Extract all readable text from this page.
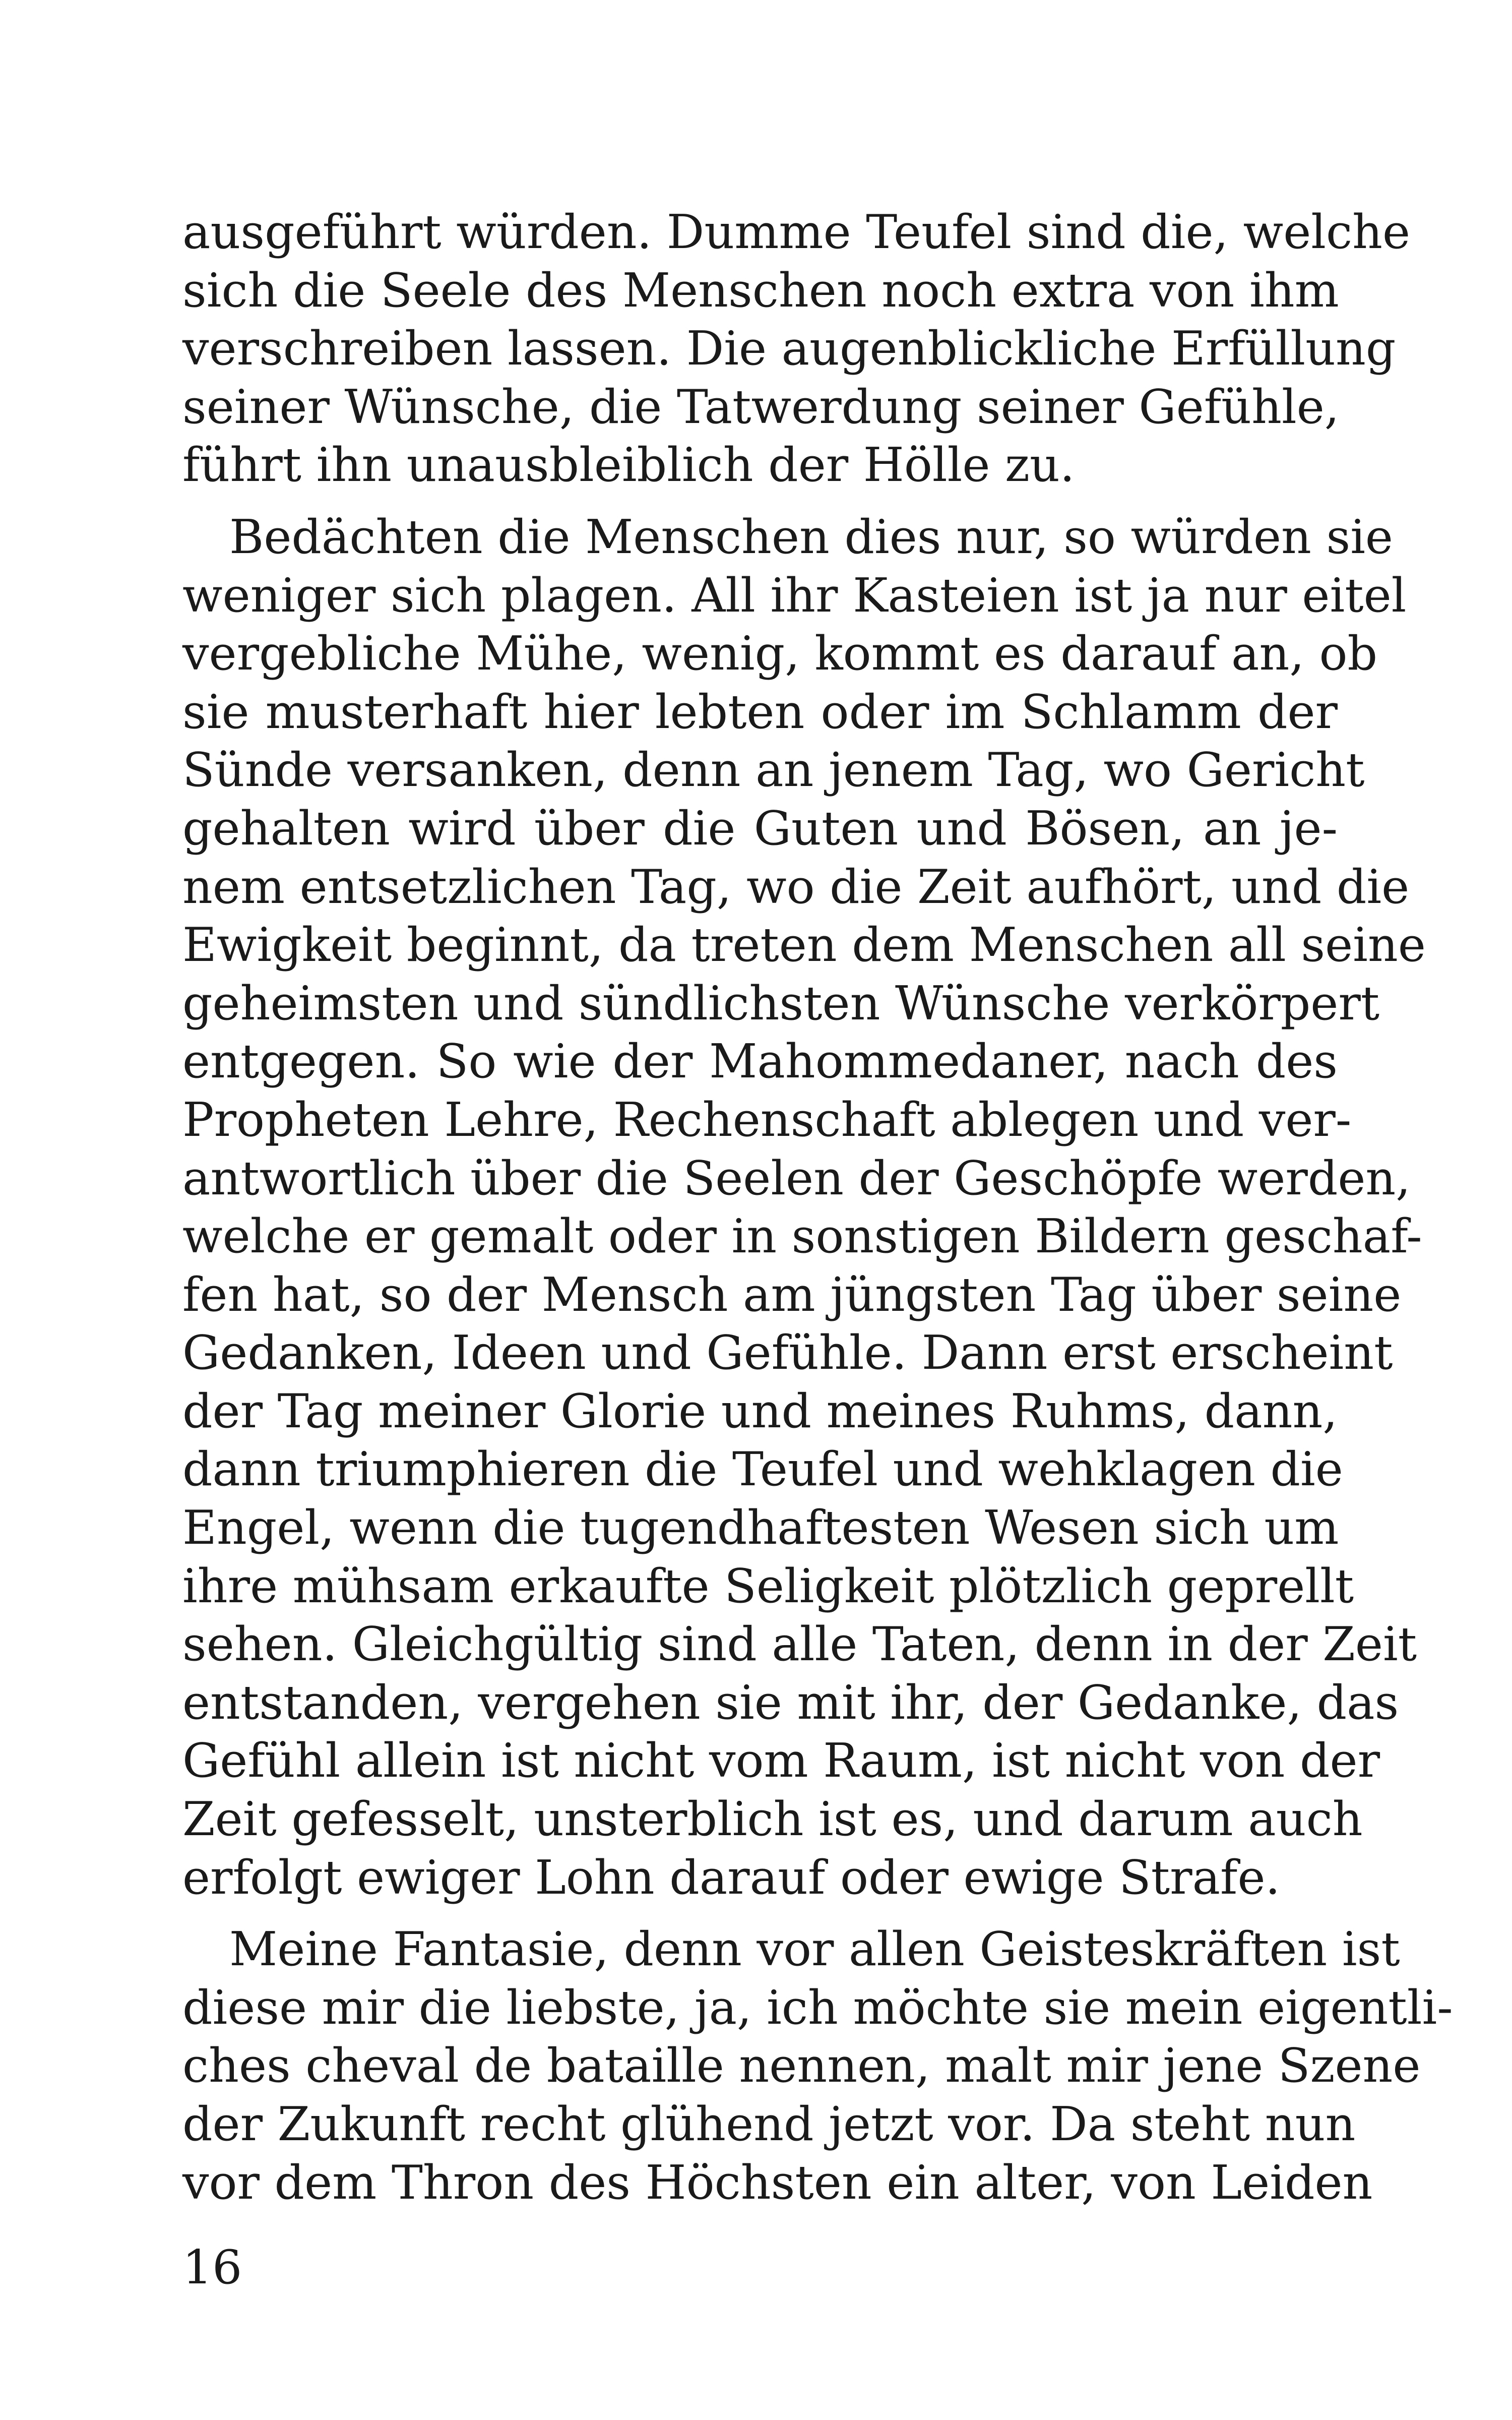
ausgeführt würden. Dumme Teufel sind die, welche
sich die Seele des Menschen noch extra von ihm
verschreiben lassen. Die augenblickliche Erfüllung
seiner Wünsche, die Tatwerdung seiner Gefühle,
führt ihn unausbleiblich der Hölle zu.
Bedächten die Menschen dies nur, so würden sie
weniger sich plagen. All ihr Kasteien ist ja nur eitel
vergebliche Mühe, wenig, kommt es darauf an, ob
sie musterhaft hier lebten oder im Schlamm der
Sünde versanken, denn an jenem Tag, wo Gericht
gehalten wird über die Guten und Bösen, an je-
nem entsetzlichen Tag, wo die Zeit aufhört, und die
Ewigkeit beginnt, da treten dem Menschen all seine
geheimsten und sündlichsten Wünsche verkörpert
entgegen. So wie der Mahommedaner, nach des
Propheten Lehre, Rechenschaft ablegen und ver-
antwortlich über die Seelen der Geschöpfe werden,
welche er gemalt oder in sonstigen Bildern geschaf-
fen hat, so der Mensch am jüngsten Tag über seine
Gedanken, Ideen und Gefühle. Dann erst erscheint
der Tag meiner Glorie und meines Ruhms, dann,
dann triumphieren die Teufel und wehklagen die
Engel, wenn die tugendhaftesten Wesen sich um
ihre mühsam erkaufte Seligkeit plötzlich geprellt
sehen. Gleichgültig sind alle Taten, denn in der Zeit
entstanden, vergehen sie mit ihr, der Gedanke, das
Gefühl allein ist nicht vom Raum, ist nicht von der
Zeit gefesselt, unsterblich ist es, und darum auch
erfolgt ewiger Lohn darauf oder ewige Strafe.
Meine Fantasie, denn vor allen Geisteskräften ist
diese mir die liebste, ja, ich möchte sie mein eigentli-
ches cheval de bataille nennen, malt mir jene Szene
der Zukunft recht glühend jetzt vor. Da steht nun
vor dem Thron des Höchsten ein alter, von Leiden
16
